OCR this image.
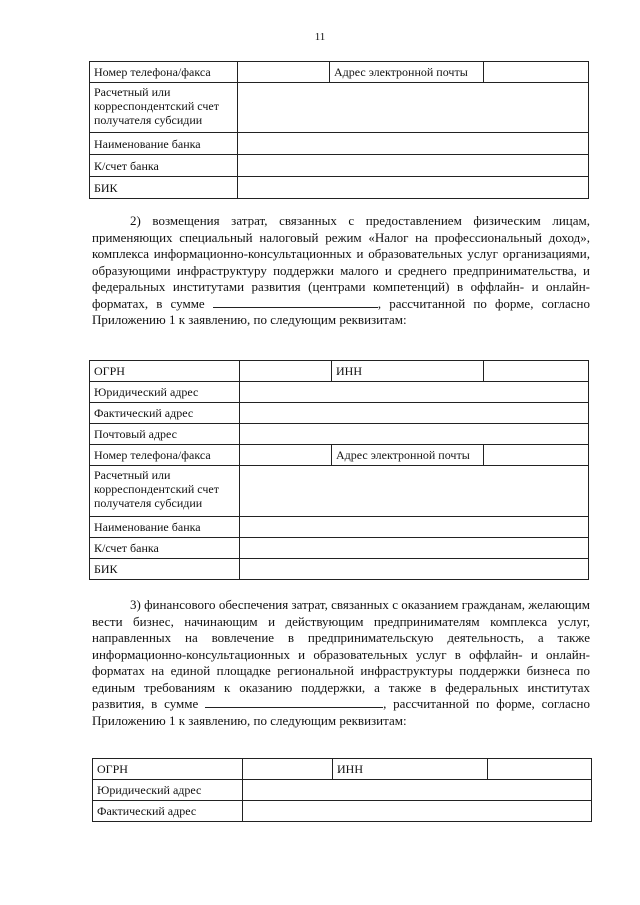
11
Номер телефона/факса		Адрес электронной почты	
Расчетный или корреспондентский счет получателя субсидии			
Наименование банка			
К/счет банка			
БИК			
2) возмещения затрат, связанных с предоставлением физическим лицам, применяющих специальный налоговый режим «Налог на профессиональный доход», комплекса информационно-консультационных и образовательных услуг организациями, образующими инфраструктуру поддержки малого и среднего предпринимательства, и федеральных институтами развития (центрами компетенций) в оффлайн- и онлайн-форматах, в сумме	, рассчитанной по форме, согласно Приложению 1 к заявлению, по следующим реквизитам:
ОГРН		ИНН	
Юридический адрес			
Фактический адрес			
Почтовый адрес			
Номер телефона/факса		Адрес электронной почты	
Расчетный или корреспондентский счет получателя субсидии			
Наименование банка			
К/счет банка			
БИК			
3) финансового обеспечения затрат, связанных с оказанием гражданам, желающим вести бизнес, начинающим и действующим предпринимателям комплекса услуг, направленных на вовлечение в предпринимательскую деятельность, а также информационно-консультационных и образовательных услуг в оффлайн- и онлайн-форматах на единой площадке региональной инфраструктуры поддержки бизнеса по единым требованиям к оказанию поддержки, а также в федеральных институтах развития, в сумме	, рассчитанной по форме, согласно Приложению 1 к заявлению, по следующим реквизитам:
ОГРН		ИНН	
Юридический адрес			
Фактический адрес			
